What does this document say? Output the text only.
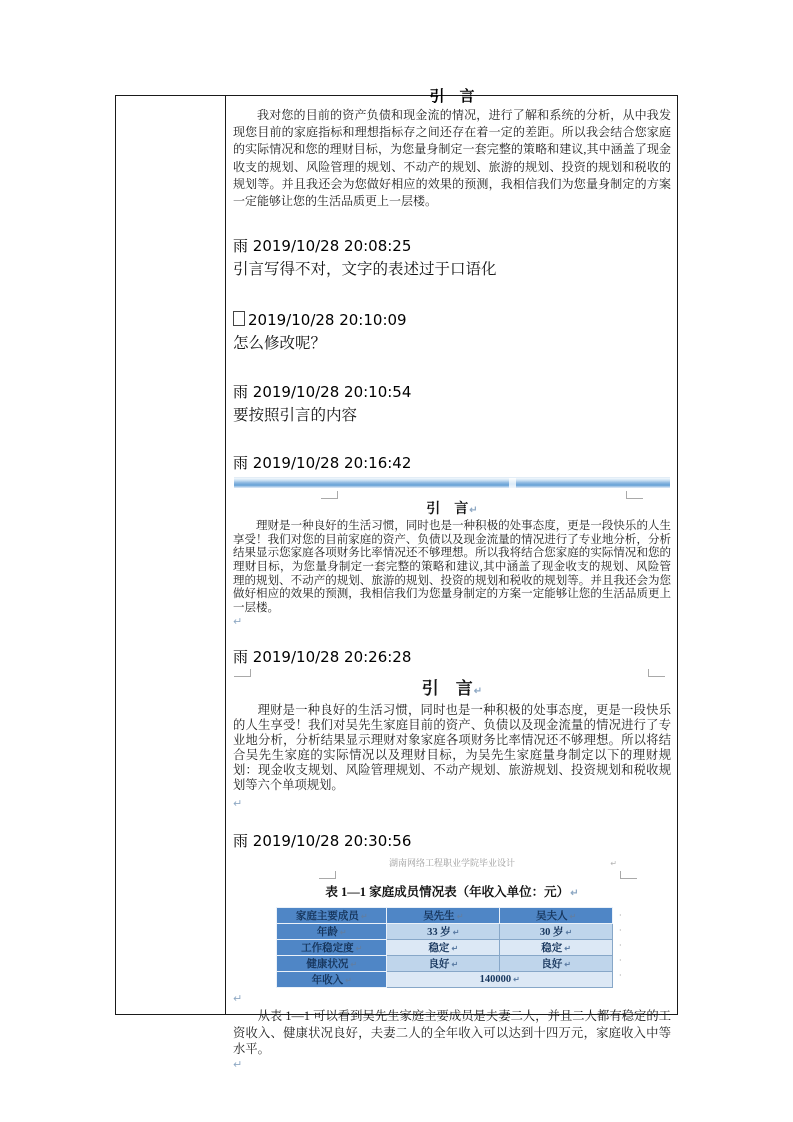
引　言

我对您的目前的资产负债和现金流的情况，进行了解和系统的分析，从中我发现您目前的家庭指标和理想指标存之间还存在着一定的差距。所以我会结合您家庭的实际情况和您的理财目标，为您量身制定一套完整的策略和建议,其中涵盖了现金收支的规划、风险管理的规划、不动产的规划、旅游的规划、投资的规划和税收的规划等。并且我还会为您做好相应的效果的预测，我相信我们为您量身制定的方案一定能够让您的生活品质更上一层楼。

雨 2019/10/28 20:08:25
引言写得不对，文字的表述过于口语化
2019/10/28 20:10:09
怎么修改呢？
雨 2019/10/28 20:10:54
要按照引言的内容
雨 2019/10/28 20:16:42
引　言↵

理财是一种良好的生活习惯，同时也是一种积极的处事态度，更是一段快乐的人生享受！我们对您的目前家庭的资产、负债以及现金流量的情况进行了专业地分析，分析结果显示您家庭各项财务比率情况还不够理想。所以我将结合您家庭的实际情况和您的理财目标，为您量身制定一套完整的策略和建议,其中涵盖了现金收支的规划、风险管理的规划、不动产的规划、旅游的规划、投资的规划和税收的规划等。并且我还会为您做好相应的效果的预测，我相信我们为您量身制定的方案一定能够让您的生活品质更上一层楼。

↵
雨 2019/10/28 20:26:28
引　言↵

理财是一种良好的生活习惯，同时也是一种积极的处事态度，更是一段快乐的人生享受！我们对吴先生家庭目前的资产、负债以及现金流量的情况进行了专业地分析，分析结果显示理财对象家庭各项财务比率情况还不够理想。所以将结合吴先生家庭的实际情况以及理财目标，为吴先生家庭量身制定以下的理财规划：现金收支规划、风险管理规划、不动产规划、旅游规划、投资规划和税收规划等六个单项规划。

↵
雨 2019/10/28 20:30:56
湖南网络工程职业学院毕业设计	↵
表 1—1 家庭成员情况表（年收入单位：元）↵
家庭主要成员 ↵	吴先生 ↵	吴夫人 ↵
年龄 ↵	33 岁 ↵	30 岁 ↵
工作稳定度 ↵	稳定 ↵	稳定 ↵
健康状况 ↵	良好 ↵	良好 ↵
年收入 ↵	140000 ↵	
·
·
·
·
·
↵

从表 1—1 可以看到吴先生家庭主要成员是夫妻二人，并且二人都有稳定的工资收入、健康状况良好，夫妻二人的全年收入可以达到十四万元，家庭收入中等水平。

↵
